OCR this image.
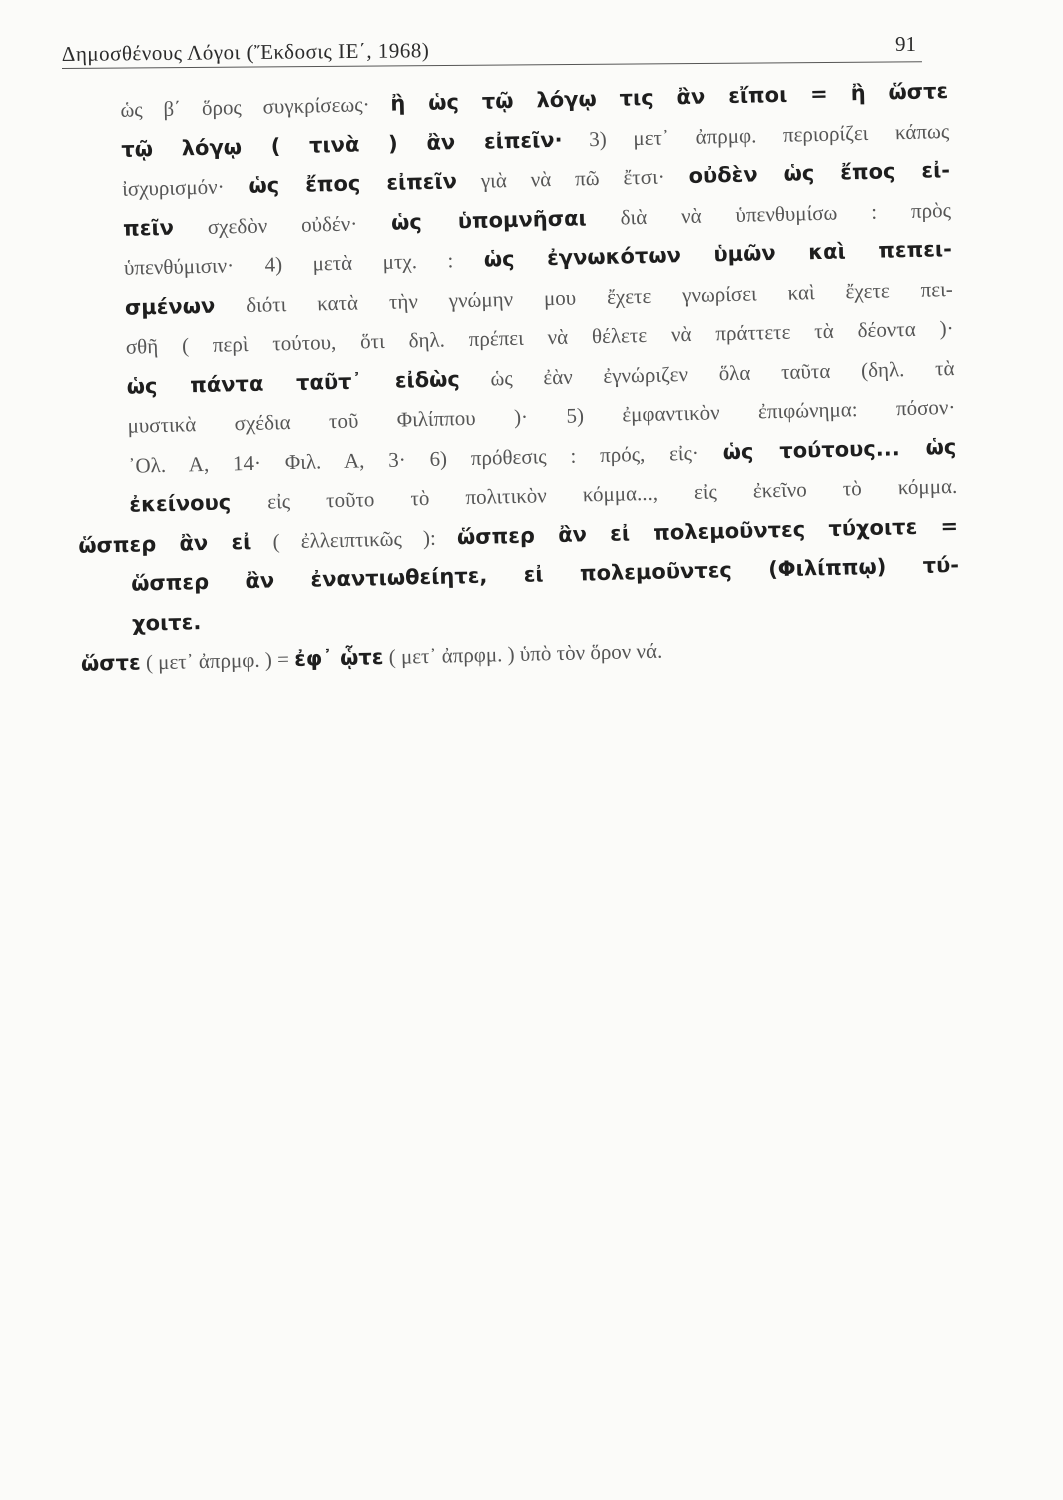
Δημοσθένους Λόγοι (Ἔκδοσις ΙΕ΄, 1968)	91
ὡς β΄ ὅρος συγκρίσεως· ἢ ὡς τῷ λόγῳ τις ἂν εἴποι = ἢ ὥστε
τῷ λόγῳ ( τινὰ ) ἂν εἰπεῖν· 3) μετ᾽ ἀπρμφ. περιορίζει κάπως
ἰσχυρισμόν· ὡς ἔπος εἰπεῖν γιὰ νὰ πῶ ἔτσι· οὐδὲν ὡς ἔπος εἰ-
πεῖν σχεδὸν οὐδέν· ὡς ὑπομνῆσαι διὰ νὰ ὑπενθυμίσω : πρὸς
ὑπενθύμισιν· 4) μετὰ μτχ. : ὡς ἐγνωκότων ὑμῶν καὶ πεπει-
σμένων διότι κατὰ τὴν γνώμην μου ἔχετε γνωρίσει καὶ ἔχετε πει-
σθῆ ( περὶ τούτου, ὅτι δηλ. πρέπει νὰ θέλετε νὰ πράττετε τὰ δέοντα )·
ὡς πάντα ταῦτ᾽ εἰδὼς ὡς ἐὰν ἐγνώριζεν ὅλα ταῦτα (δηλ. τὰ
μυστικὰ σχέδια τοῦ Φιλίππου )· 5) ἐμφαντικὸν ἐπιφώνημα: πόσον·
᾽Ολ. Α, 14· Φιλ. Α, 3· 6) πρόθεσις : πρός, εἰς· ὡς τούτους... ὡς
ἐκείνους εἰς τοῦτο τὸ πολιτικὸν κόμμα..., εἰς ἐκεῖνο τὸ κόμμα.
ὥσπερ ἂν εἰ ( ἐλλειπτικῶς ): ὥσπερ ἂν εἰ πολεμοῦντες τύχοιτε =
ὥσπερ ἂν ἐναντιωθείητε, εἰ πολεμοῦντες (Φιλίππῳ) τύ-
χοιτε.
ὥστε ( μετ᾽ ἀπρμφ. ) = ἐφ᾽ ᾧτε ( μετ᾽ ἀπρφμ. ) ὑπὸ τὸν ὅρον νά.
